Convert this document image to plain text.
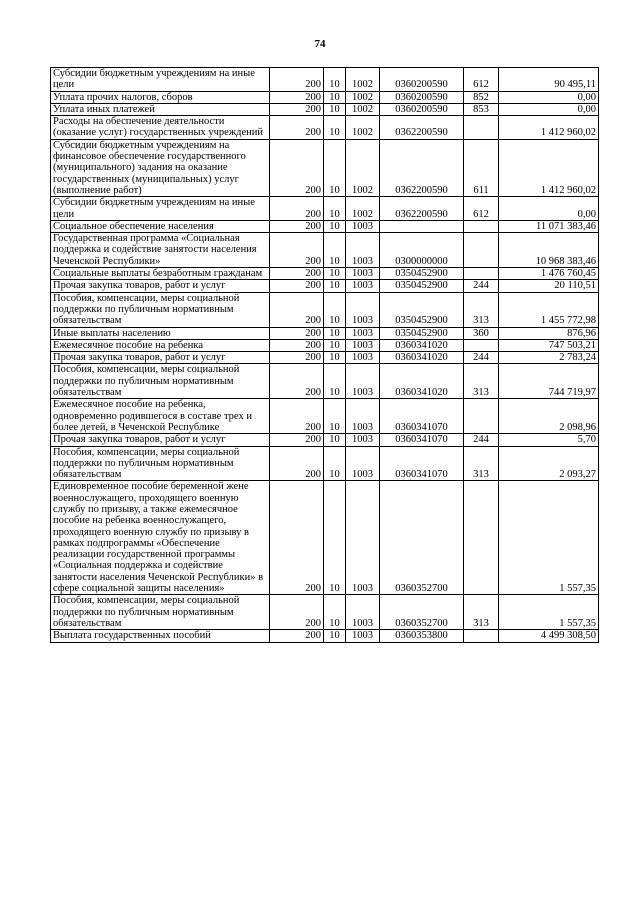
74
Субсидии бюджетным учреждениям на иные цели	200	10	1002	0360200590	612	90 495,11
Уплата прочих налогов, сборов	200	10	1002	0360200590	852	0,00
Уплата иных платежей	200	10	1002	0360200590	853	0,00
Расходы на обеспечение деятельности (оказание услуг) государственных учреждений	200	10	1002	0362200590		1 412 960,02
Субсидии бюджетным учреждениям на финансовое обеспечение государственного (муниципального) задания на оказание государственных (муниципальных) услуг (выполнение работ)	200	10	1002	0362200590	611	1 412 960,02
Субсидии бюджетным учреждениям на иные цели	200	10	1002	0362200590	612	0,00
Социальное обеспечение населения	200	10	1003			11 071 383,46
Государственная программа «Социальная поддержка и содействие занятости населения Чеченской Республики»	200	10	1003	0300000000		10 968 383,46
Социальные выплаты безработным гражданам	200	10	1003	0350452900		1 476 760,45
Прочая закупка товаров, работ и услуг	200	10	1003	0350452900	244	20 110,51
Пособия, компенсации, меры социальной поддержки по публичным нормативным обязательствам	200	10	1003	0350452900	313	1 455 772,98
Иные выплаты населению	200	10	1003	0350452900	360	876,96
Ежемесячное пособие на ребенка	200	10	1003	0360341020		747 503,21
Прочая закупка товаров, работ и услуг	200	10	1003	0360341020	244	2 783,24
Пособия, компенсации, меры социальной поддержки по публичным нормативным обязательствам	200	10	1003	0360341020	313	744 719,97
Ежемесячное пособие на ребенка, одновременно родившегося в составе трех и более детей, в Чеченской Республике	200	10	1003	0360341070		2 098,96
Прочая закупка товаров, работ и услуг	200	10	1003	0360341070	244	5,70
Пособия, компенсации, меры социальной поддержки по публичным нормативным обязательствам	200	10	1003	0360341070	313	2 093,27
Единовременное пособие беременной жене военнослужащего, проходящего военную службу по призыву, а также ежемесячное пособие на ребенка военнослужащего, проходящего военную службу по призыву в рамках подпрограммы «Обеспечение реализации государственной программы «Социальная поддержка и содействие занятости населения Чеченской Республики» в сфере социальной защиты населения»	200	10	1003	0360352700		1 557,35
Пособия, компенсации, меры социальной поддержки по публичным нормативным обязательствам	200	10	1003	0360352700	313	1 557,35
Выплата государственных пособий	200	10	1003	0360353800		4 499 308,50
